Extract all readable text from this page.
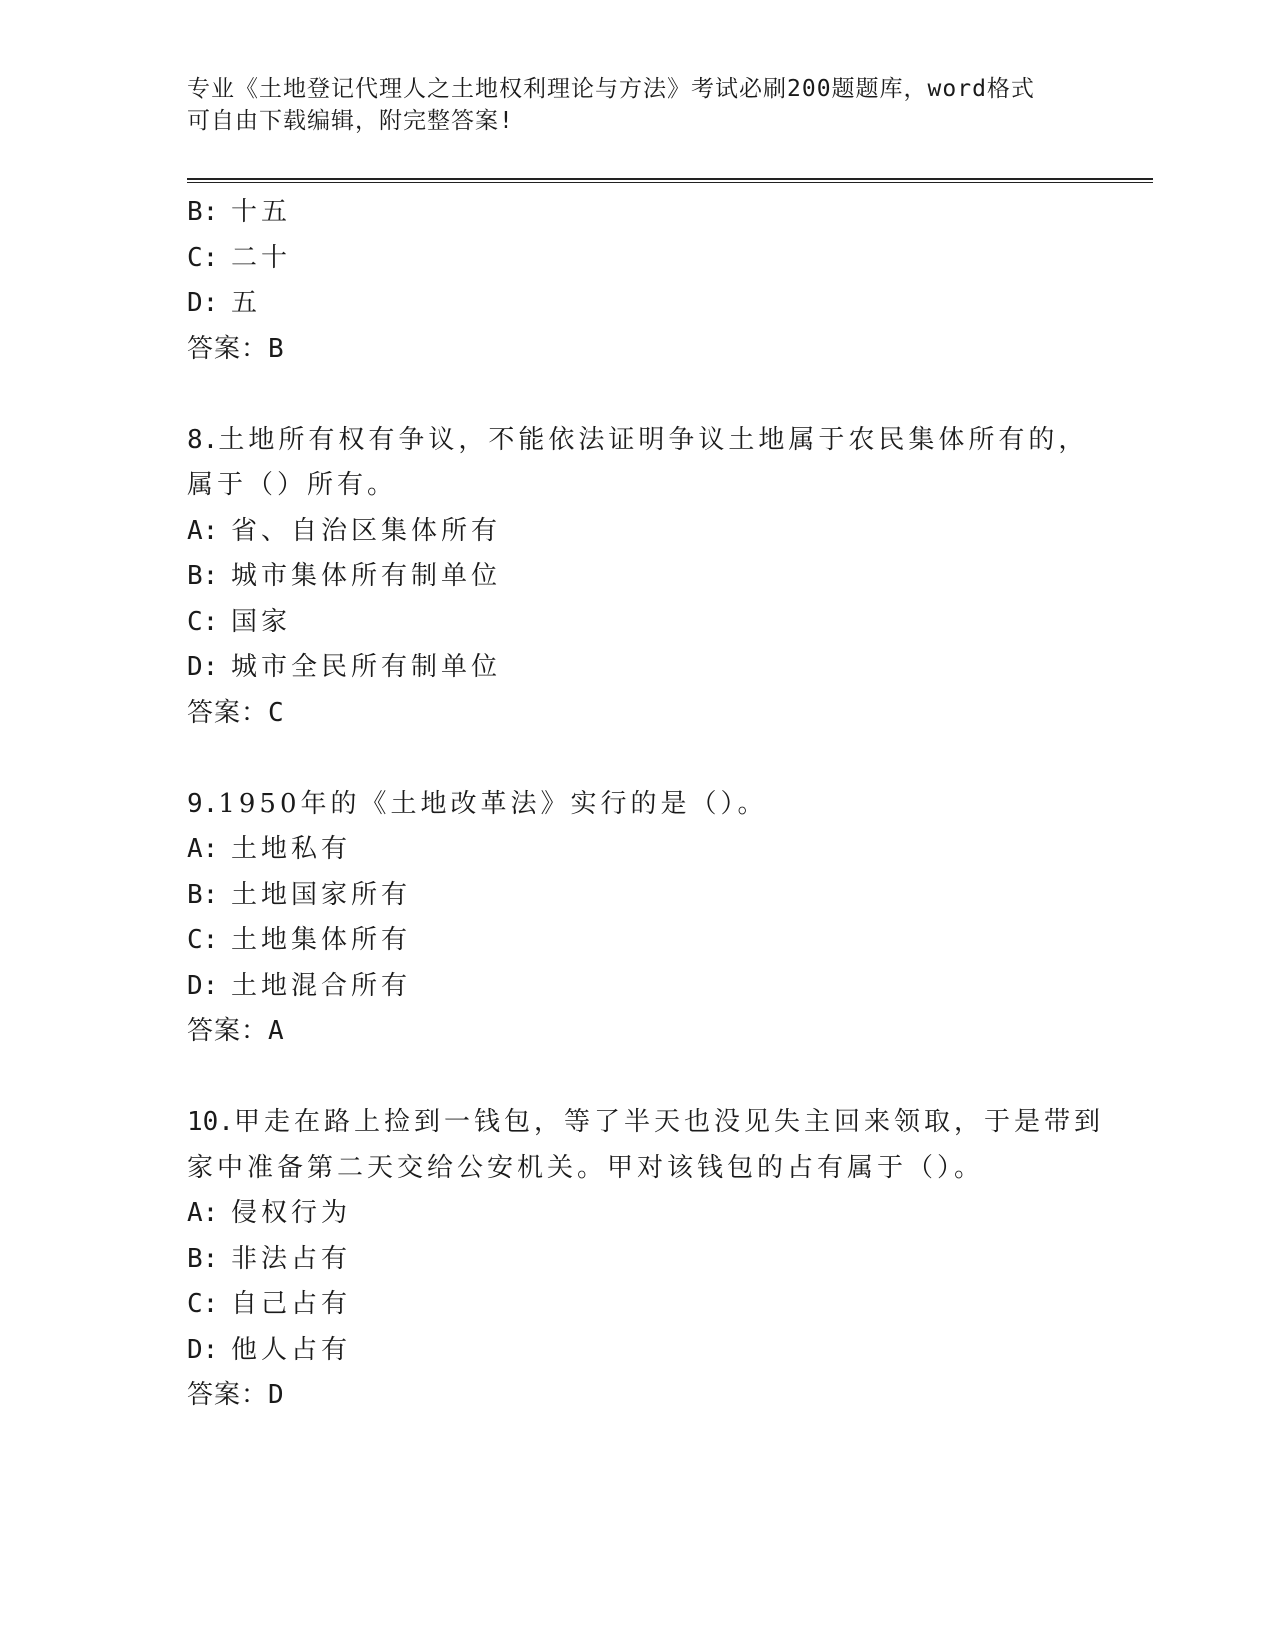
专业《土地登记代理人之土地权利理论与方法》考试必刷200题题库，word格式
可自由下载编辑，附完整答案!
B: 十五
C: 二十
D: 五
答案：B
8.土地所有权有争议，不能依法证明争议土地属于农民集体所有的，
属于（）所有。
A: 省、自治区集体所有
B: 城市集体所有制单位
C: 国家
D: 城市全民所有制单位
答案：C
9.1950年的《土地改革法》实行的是（）。
A: 土地私有
B: 土地国家所有
C: 土地集体所有
D: 土地混合所有
答案：A
10.甲走在路上捡到一钱包，等了半天也没见失主回来领取，于是带到
家中准备第二天交给公安机关。甲对该钱包的占有属于（）。
A: 侵权行为
B: 非法占有
C: 自己占有
D: 他人占有
答案：D
